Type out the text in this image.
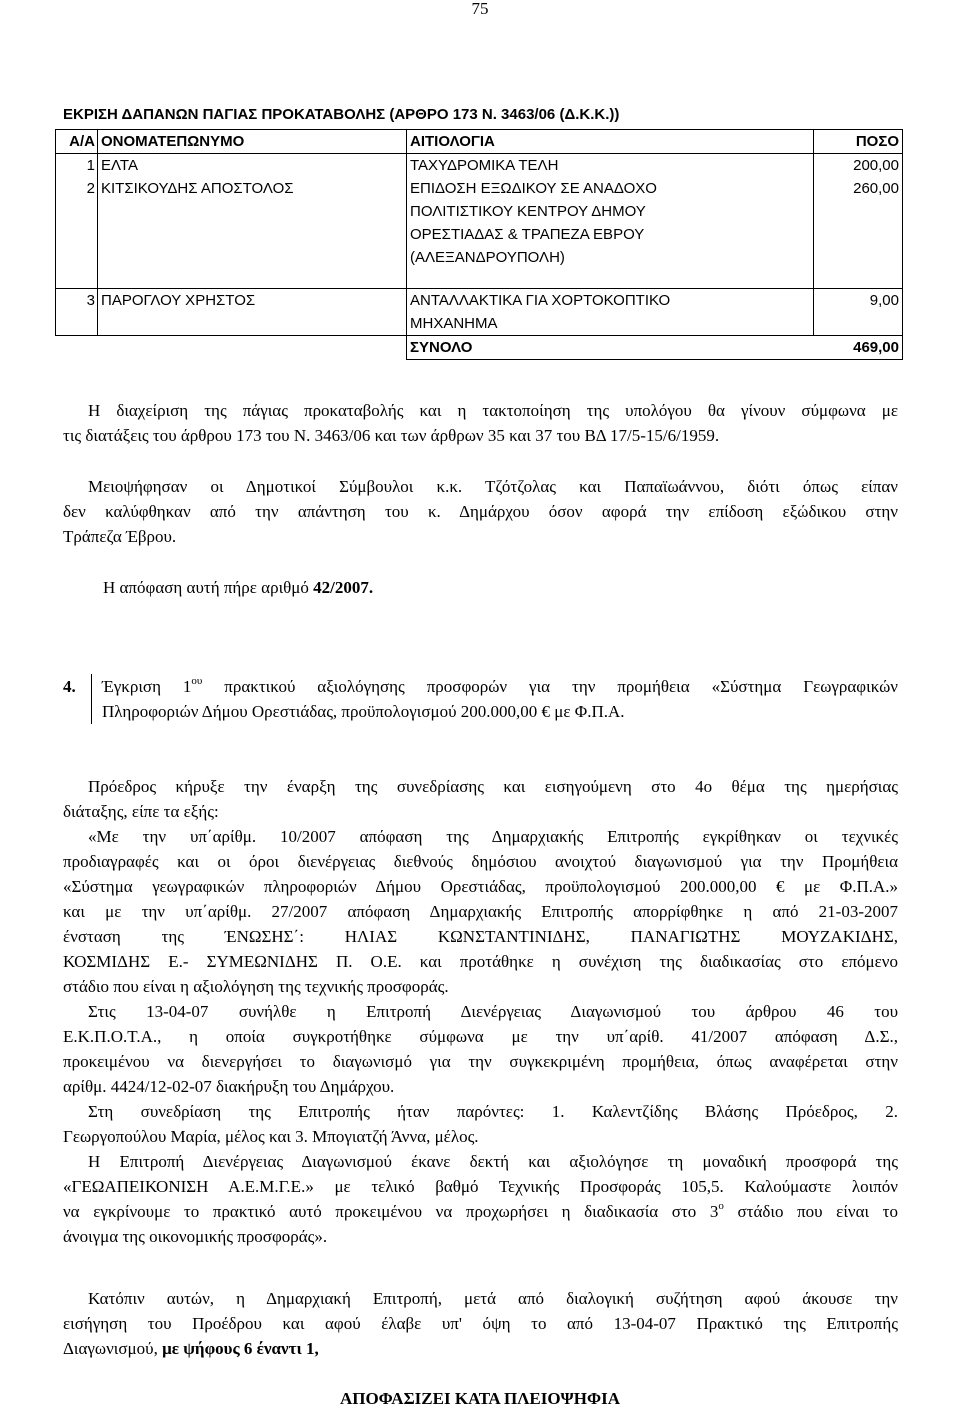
75
ΕΚΡΙΣΗ ΔΑΠΑΝΩΝ ΠΑΓΙΑΣ ΠΡΟΚΑΤΑΒΟΛΗΣ (ΑΡΘΡΟ 173 Ν. 3463/06 (Δ.Κ.Κ.))
Α/Α	ΟΝΟΜΑΤΕΠΩΝΥΜΟ	ΑΙΤΙΟΛΟΓΙΑ	ΠΟΣΟ
1	ΕΛΤΑ	ΤΑΧΥΔΡΟΜΙΚΑ ΤΕΛΗ	200,00
2	ΚΙΤΣΙΚΟΥΔΗΣ ΑΠΟΣΤΟΛΟΣ	ΕΠΙΔΟΣΗ ΕΞΩΔΙΚΟΥ ΣΕ ΑΝΑΔΟΧΟ
ΠΟΛΙΤΙΣΤΙΚΟΥ ΚΕΝΤΡΟΥ ΔΗΜΟΥ
ΟΡΕΣΤΙΑΔΑΣ & ΤΡΑΠΕΖΑ ΕΒΡΟΥ
(ΑΛΕΞΑΝΔΡΟΥΠΟΛΗ)	260,00

3	ΠΑΡΟΓΛΟΥ ΧΡΗΣΤΟΣ	ΑΝΤΑΛΛΑΚΤΙΚΑ ΓΙΑ ΧΟΡΤΟΚΟΠΤΙΚΟ
ΜΗΧΑΝΗΜΑ	9,00
		ΣΥΝΟΛΟ	469,00
Η διαχείριση της πάγιας προκαταβολής και η τακτοποίηση της υπολόγου θα γίνουν σύμφωνα με
τις διατάξεις του άρθρου 173 του Ν. 3463/06 και των άρθρων 35 και 37 του ΒΔ 17/5-15/6/1959.
Μειοψήφησαν οι Δημοτικοί Σύμβουλοι κ.κ. Τζότζολας και Παπαϊωάννου, διότι όπως είπαν
δεν καλύφθηκαν από την απάντηση του κ. Δημάρχου όσον αφορά την επίδοση εξώδικου στην
Τράπεζα Έβρου.
Η απόφαση αυτή πήρε αριθμό 42/2007.
4. Έγκριση $1^{o\upsilon}$ πρακτικού αξιολόγησης προσφορών για την προμήθεια «Σύστημα Γεωγραφικών
Πληροφοριών Δήμου Ορεστιάδας, προϋπολογισμού 200.000,00 € με Φ.Π.Α.
Πρόεδρος κήρυξε την έναρξη της συνεδρίασης και εισηγούμενη στο 4ο θέμα της ημερήσιας
διάταξης, είπε τα εξής:
«Με την υπ΄αρίθμ. 10/2007 απόφαση της Δημαρχιακής Επιτροπής εγκρίθηκαν οι τεχνικές
προδιαγραφές και οι όροι διενέργειας διεθνούς δημόσιου ανοιχτού διαγωνισμού για την Προμήθεια
«Σύστημα γεωγραφικών πληροφοριών Δήμου Ορεστιάδας, προϋπολογισμού 200.000,00 € με Φ.Π.Α.»
και με την υπ΄αρίθμ. 27/2007 απόφαση Δημαρχιακής Επιτροπής απορρίφθηκε η από 21-03-2007
ένσταση της ΈΝΩΣΗΣ΄: ΗΛΙΑΣ ΚΩΝΣΤΑΝΤΙΝΙΔΗΣ, ΠΑΝΑΓΙΩΤΗΣ ΜΟΥΖΑΚΙΔΗΣ,
ΚΟΣΜΙΔΗΣ Ε.- ΣΥΜΕΩΝΙΔΗΣ Π. Ο.Ε. και προτάθηκε η συνέχιση της διαδικασίας στο επόμενο
στάδιο που είναι η αξιολόγηση της τεχνικής προσφοράς.
Στις 13-04-07 συνήλθε η Επιτροπή Διενέργειας Διαγωνισμού του άρθρου 46 του
Ε.Κ.Π.Ο.Τ.Α., η οποία συγκροτήθηκε σύμφωνα με την υπ΄αρίθ. 41/2007 απόφαση Δ.Σ.,
προκειμένου να διενεργήσει το διαγωνισμό για την συγκεκριμένη προμήθεια, όπως αναφέρεται στην
αρίθμ. 4424/12-02-07 διακήρυξη του Δημάρχου.
Στη συνεδρίαση της Επιτροπής ήταν παρόντες: 1. Καλεντζίδης Βλάσης Πρόεδρος, 2.
Γεωργοπούλου Μαρία, μέλος και 3. Μπογιατζή Άννα, μέλος.
Η Επιτροπή Διενέργειας Διαγωνισμού έκανε δεκτή και αξιολόγησε τη μοναδική προσφορά της
«ΓΕΩΑΠΕΙΚΟΝΙΣΗ Α.Ε.Μ.Γ.Ε.» με τελικό βαθμό Τεχνικής Προσφοράς 105,5. Καλούμαστε λοιπόν
να εγκρίνουμε το πρακτικό αυτό προκειμένου να προχωρήσει η διαδικασία στο $3^o$ στάδιο που είναι το
άνοιγμα της οικονομικής προσφοράς».
Κατόπιν αυτών, η Δημαρχιακή Επιτροπή, μετά από διαλογική συζήτηση αφού άκουσε την
εισήγηση του Προέδρου και αφού έλαβε υπ' όψη το από 13-04-07 Πρακτικό της Επιτροπής
Διαγωνισμού, με ψήφους 6 έναντι 1,
ΑΠΟΦΑΣΙΖΕΙ ΚΑΤΑ ΠΛΕΙΟΨΗΦΙΑ
